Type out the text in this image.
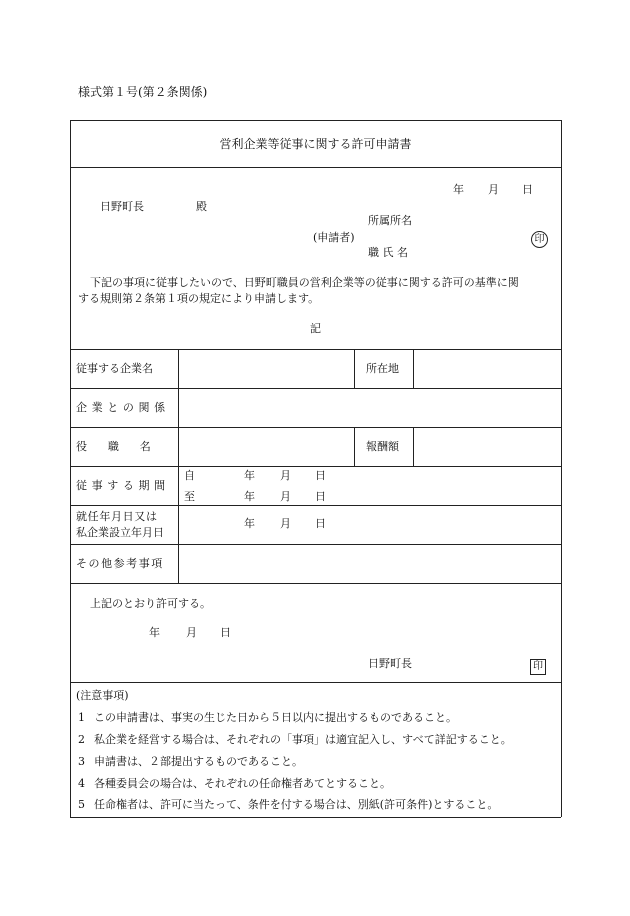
様式第１号(第２条関係)
営利企業等従事に関する許可申請書
年 月 日
日野町長	殿
所属所名
(申請者)
職 氏 名
印
下記の事項に従事したいので、日野町職員の営利企業等の従事に関する許可の基準に関
する規則第２条第１項の規定により申請します。
記
従事する企業名	所在地
企業との関係
役職名	報酬額
従事する期間
自	年 月 日
至	年 月 日
就任年月日又は
私企業設立年月日
年 月 日
その他参考事項
上記のとおり許可する。
年 月 日
日野町長	印
(注意事項)
1 この申請書は、事実の生じた日から５日以内に提出するものであること。
2 私企業を経営する場合は、それぞれの「事項」は適宜記入し、すべて詳記すること。
3 申請書は、２部提出するものであること。
4 各種委員会の場合は、それぞれの任命権者あてとすること。
5 任命権者は、許可に当たって、条件を付する場合は、別紙(許可条件)とすること。
